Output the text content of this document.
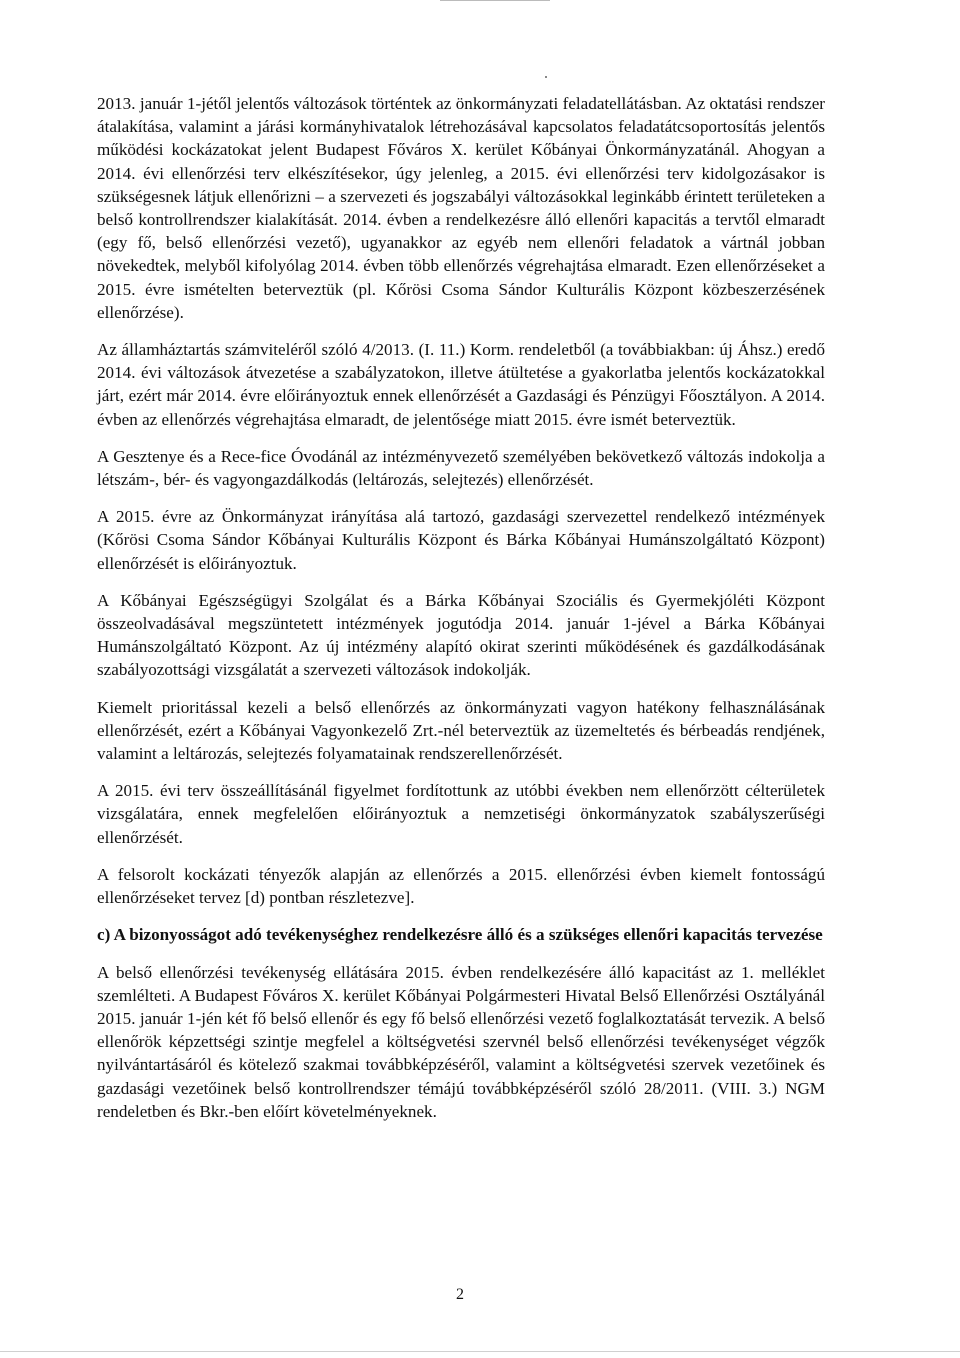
2013. január 1-jétől jelentős változások történtek az önkormányzati feladatellátásban. Az oktatási rendszer átalakítása, valamint a járási kormányhivatalok létrehozásával kapcsolatos feladatátcsoportosítás jelentős működési kockázatokat jelent Budapest Főváros X. kerület Kőbányai Önkormányzatánál. Ahogyan a 2014. évi ellenőrzési terv elkészítésekor, úgy jelenleg, a 2015. évi ellenőrzési terv kidolgozásakor is szükségesnek látjuk ellenőrizni – a szervezeti és jogszabályi változásokkal leginkább érintett területeken a belső kontrollrendszer kialakítását. 2014. évben a rendelkezésre álló ellenőri kapacitás a tervtől elmaradt (egy fő, belső ellenőrzési vezető), ugyanakkor az egyéb nem ellenőri feladatok a vártnál jobban növekedtek, melyből kifolyólag 2014. évben több ellenőrzés végrehajtása elmaradt. Ezen ellenőrzéseket a 2015. évre ismételten beterveztük (pl. Kőrösi Csoma Sándor Kulturális Központ közbeszerzésének ellenőrzése).

Az államháztartás számviteléről szóló 4/2013. (I. 11.) Korm. rendeletből (a továbbiakban: új Áhsz.) eredő 2014. évi változások átvezetése a szabályzatokon, illetve átültetése a gyakorlatba jelentős kockázatokkal járt, ezért már 2014. évre előirányoztuk ennek ellenőrzését a Gazdasági és Pénzügyi Főosztályon. A 2014. évben az ellenőrzés végrehajtása elmaradt, de jelentősége miatt 2015. évre ismét beterveztük.

A Gesztenye és a Rece-fice Óvodánál az intézményvezető személyében bekövetkező változás indokolja a létszám-, bér- és vagyongazdálkodás (leltározás, selejtezés) ellenőrzését.

A 2015. évre az Önkormányzat irányítása alá tartozó, gazdasági szervezettel rendelkező intézmények (Kőrösi Csoma Sándor Kőbányai Kulturális Központ és Bárka Kőbányai Humánszolgáltató Központ) ellenőrzését is előirányoztuk.

A Kőbányai Egészségügyi Szolgálat és a Bárka Kőbányai Szociális és Gyermekjóléti Központ összeolvadásával megszüntetett intézmények jogutódja 2014. január 1-jével a Bárka Kőbányai Humánszolgáltató Központ. Az új intézmény alapító okirat szerinti működésének és gazdálkodásának szabályozottsági vizsgálatát a szervezeti változások indokolják.

Kiemelt prioritással kezeli a belső ellenőrzés az önkormányzati vagyon hatékony felhasználásának ellenőrzését, ezért a Kőbányai Vagyonkezelő Zrt.-nél beterveztük az üzemeltetés és bérbeadás rendjének, valamint a leltározás, selejtezés folyamatainak rendszerellenőrzését.

A 2015. évi terv összeállításánál figyelmet fordítottunk az utóbbi években nem ellenőrzött célterületek vizsgálatára, ennek megfelelően előirányoztuk a nemzetiségi önkormányzatok szabályszerűségi ellenőrzését.

A felsorolt kockázati tényezők alapján az ellenőrzés a 2015. ellenőrzési évben kiemelt fontosságú ellenőrzéseket tervez [d) pontban részletezve].

c) A bizonyosságot adó tevékenységhez rendelkezésre álló és a szükséges ellenőri kapacitás tervezése

A belső ellenőrzési tevékenység ellátására 2015. évben rendelkezésére álló kapacitást az 1. melléklet szemlélteti. A Budapest Főváros X. kerület Kőbányai Polgármesteri Hivatal Belső Ellenőrzési Osztályánál 2015. január 1-jén két fő belső ellenőr és egy fő belső ellenőrzési vezető foglalkoztatását tervezik. A belső ellenőrök képzettségi szintje megfelel a költségvetési szervnél belső ellenőrzési tevékenységet végzők nyilvántartásáról és kötelező szakmai továbbképzéséről, valamint a költségvetési szervek vezetőinek és gazdasági vezetőinek belső kontrollrendszer témájú továbbképzéséről szóló 28/2011. (VIII. 3.) NGM rendeletben és Bkr.-ben előírt követelményeknek.

2
